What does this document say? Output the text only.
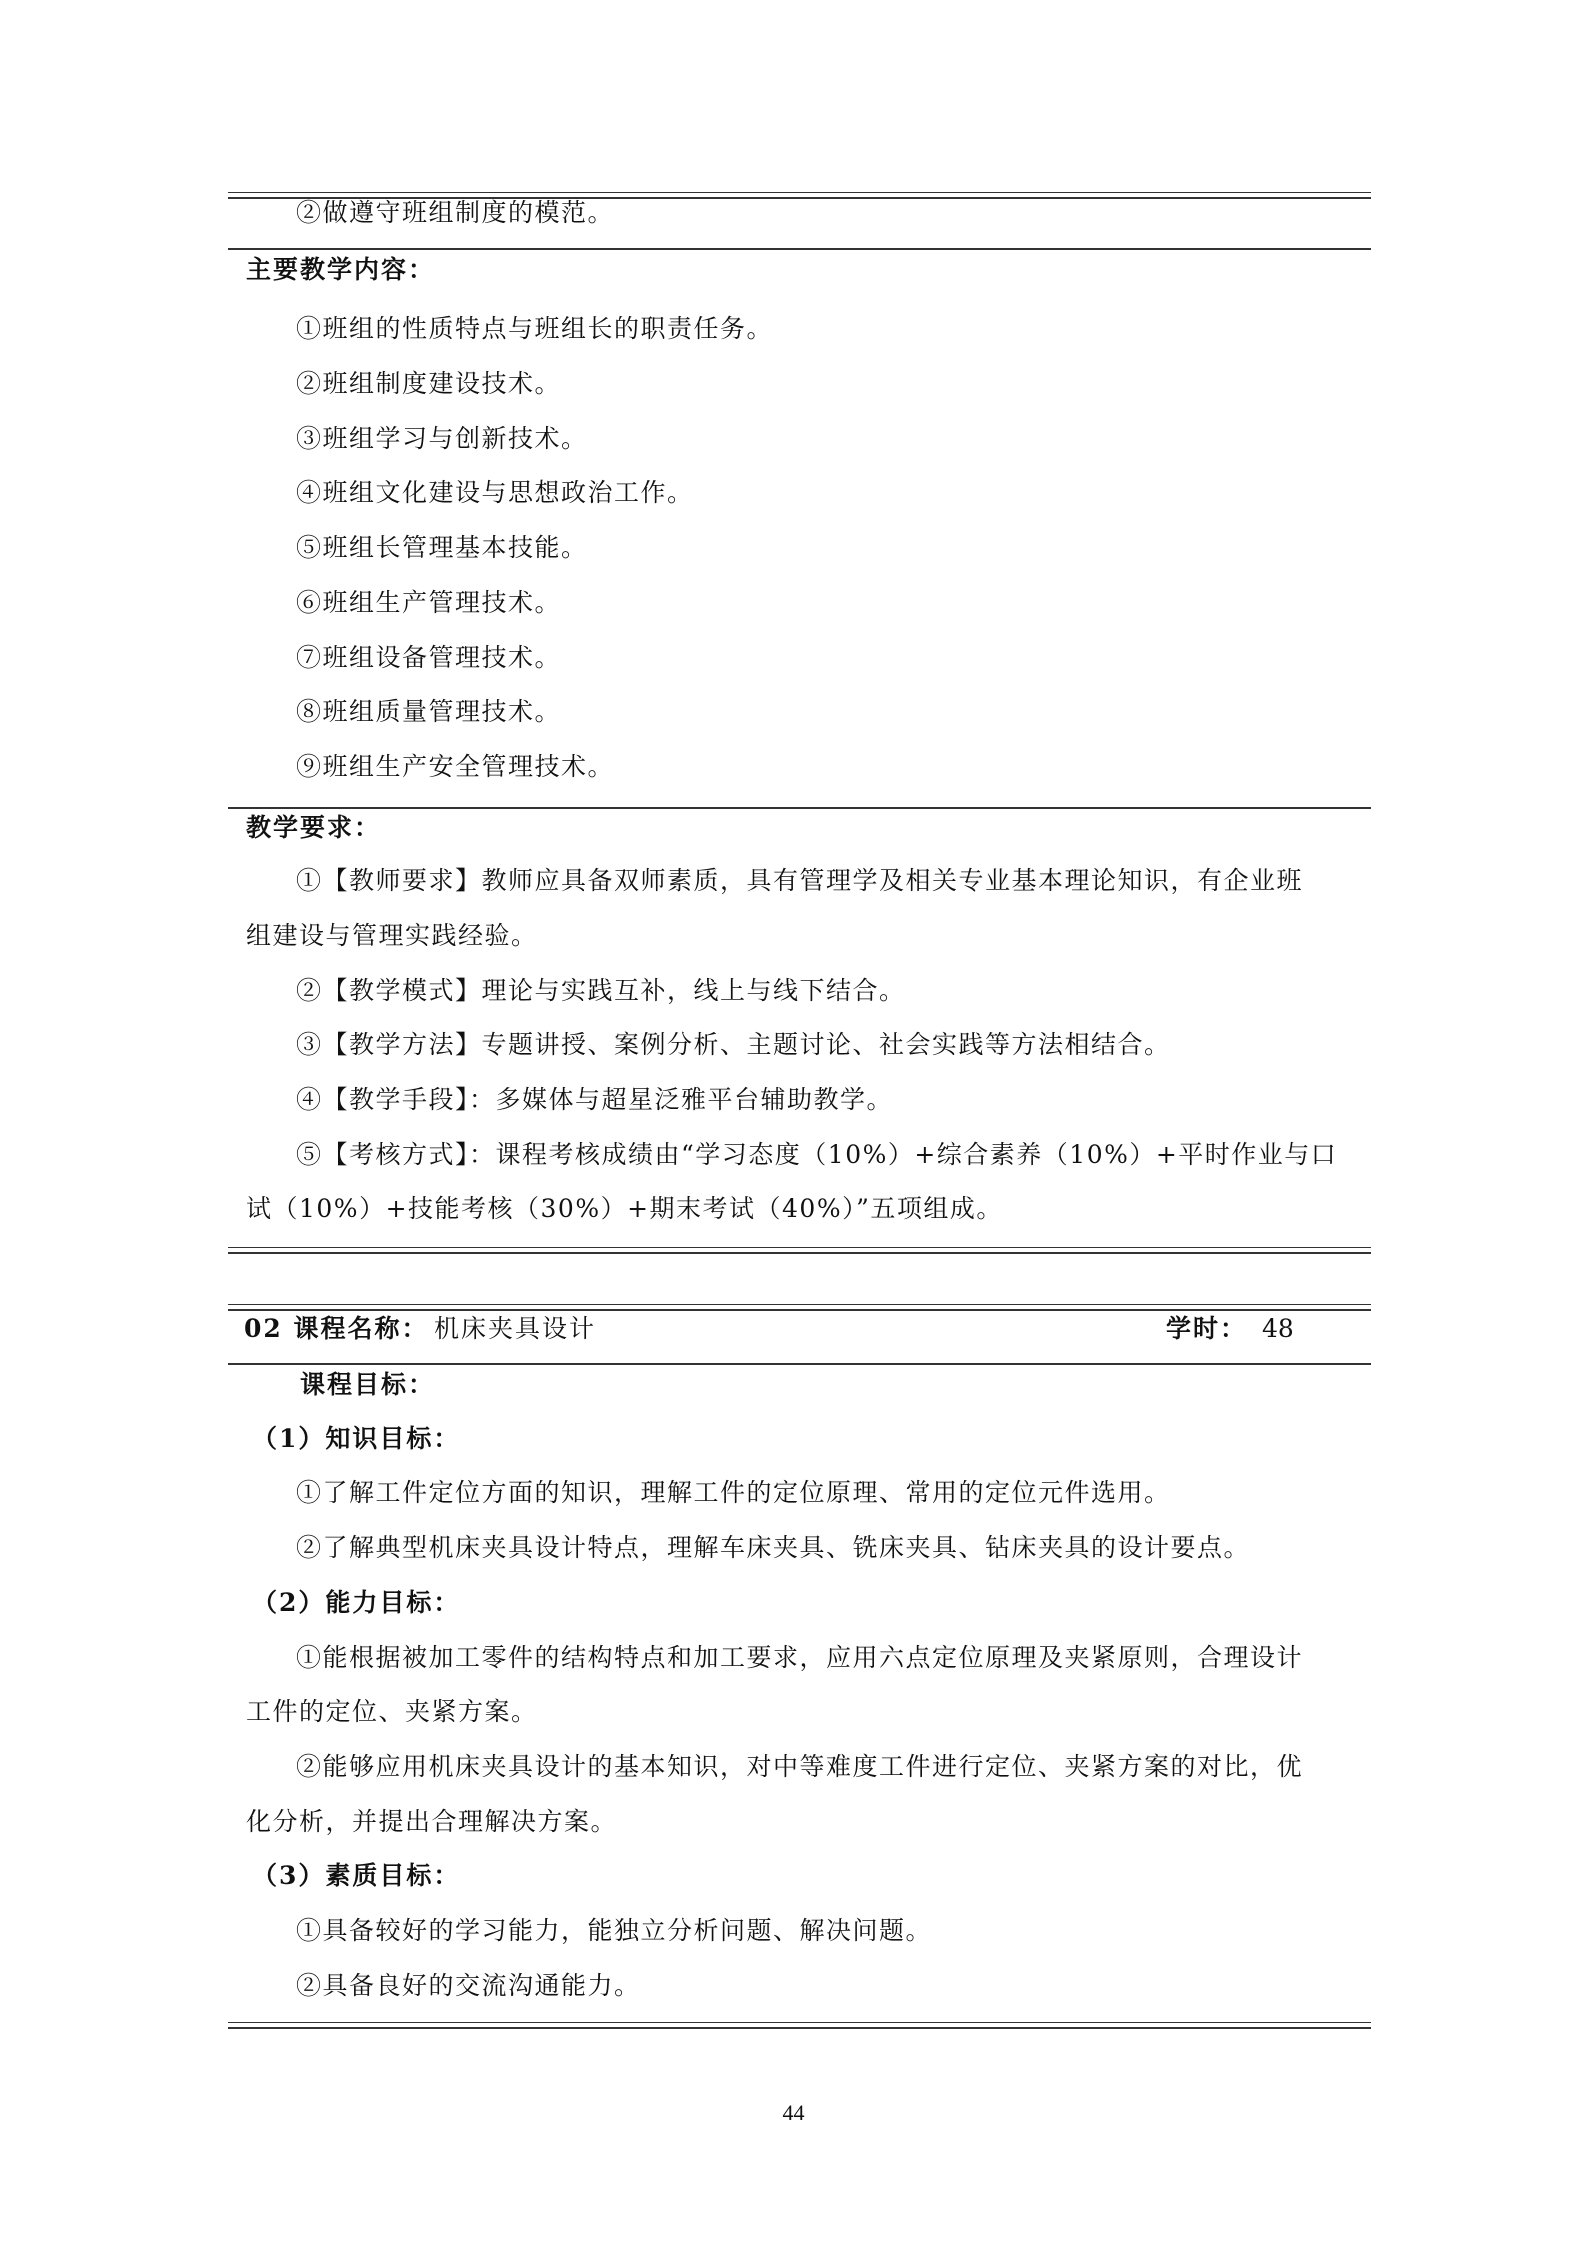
②做遵守班组制度的模范。
主要教学内容：
①班组的性质特点与班组长的职责任务。
②班组制度建设技术。
③班组学习与创新技术。
④班组文化建设与思想政治工作。
⑤班组长管理基本技能。
⑥班组生产管理技术。
⑦班组设备管理技术。
⑧班组质量管理技术。
⑨班组生产安全管理技术。
教学要求：
①【教师要求】教师应具备双师素质，具有管理学及相关专业基本理论知识，有企业班
组建设与管理实践经验。
②【教学模式】理论与实践互补，线上与线下结合。
③【教学方法】专题讲授、案例分析、主题讨论、社会实践等方法相结合。
④【教学手段】：多媒体与超星泛雅平台辅助教学。
⑤【考核方式】：课程考核成绩由“学习态度（10%）+综合素养（10%）+平时作业与口
试（10%）+技能考核（30%）+期末考试（40%）”五项组成。
02 课程名称： 机床夹具设计	学时： 48
课程目标：
（1）知识目标：
①了解工件定位方面的知识，理解工件的定位原理、常用的定位元件选用。
②了解典型机床夹具设计特点，理解车床夹具、铣床夹具、钻床夹具的设计要点。
（2）能力目标：
①能根据被加工零件的结构特点和加工要求，应用六点定位原理及夹紧原则，合理设计
工件的定位、夹紧方案。
②能够应用机床夹具设计的基本知识，对中等难度工件进行定位、夹紧方案的对比，优
化分析，并提出合理解决方案。
（3）素质目标：
①具备较好的学习能力，能独立分析问题、解决问题。
②具备良好的交流沟通能力。
44
